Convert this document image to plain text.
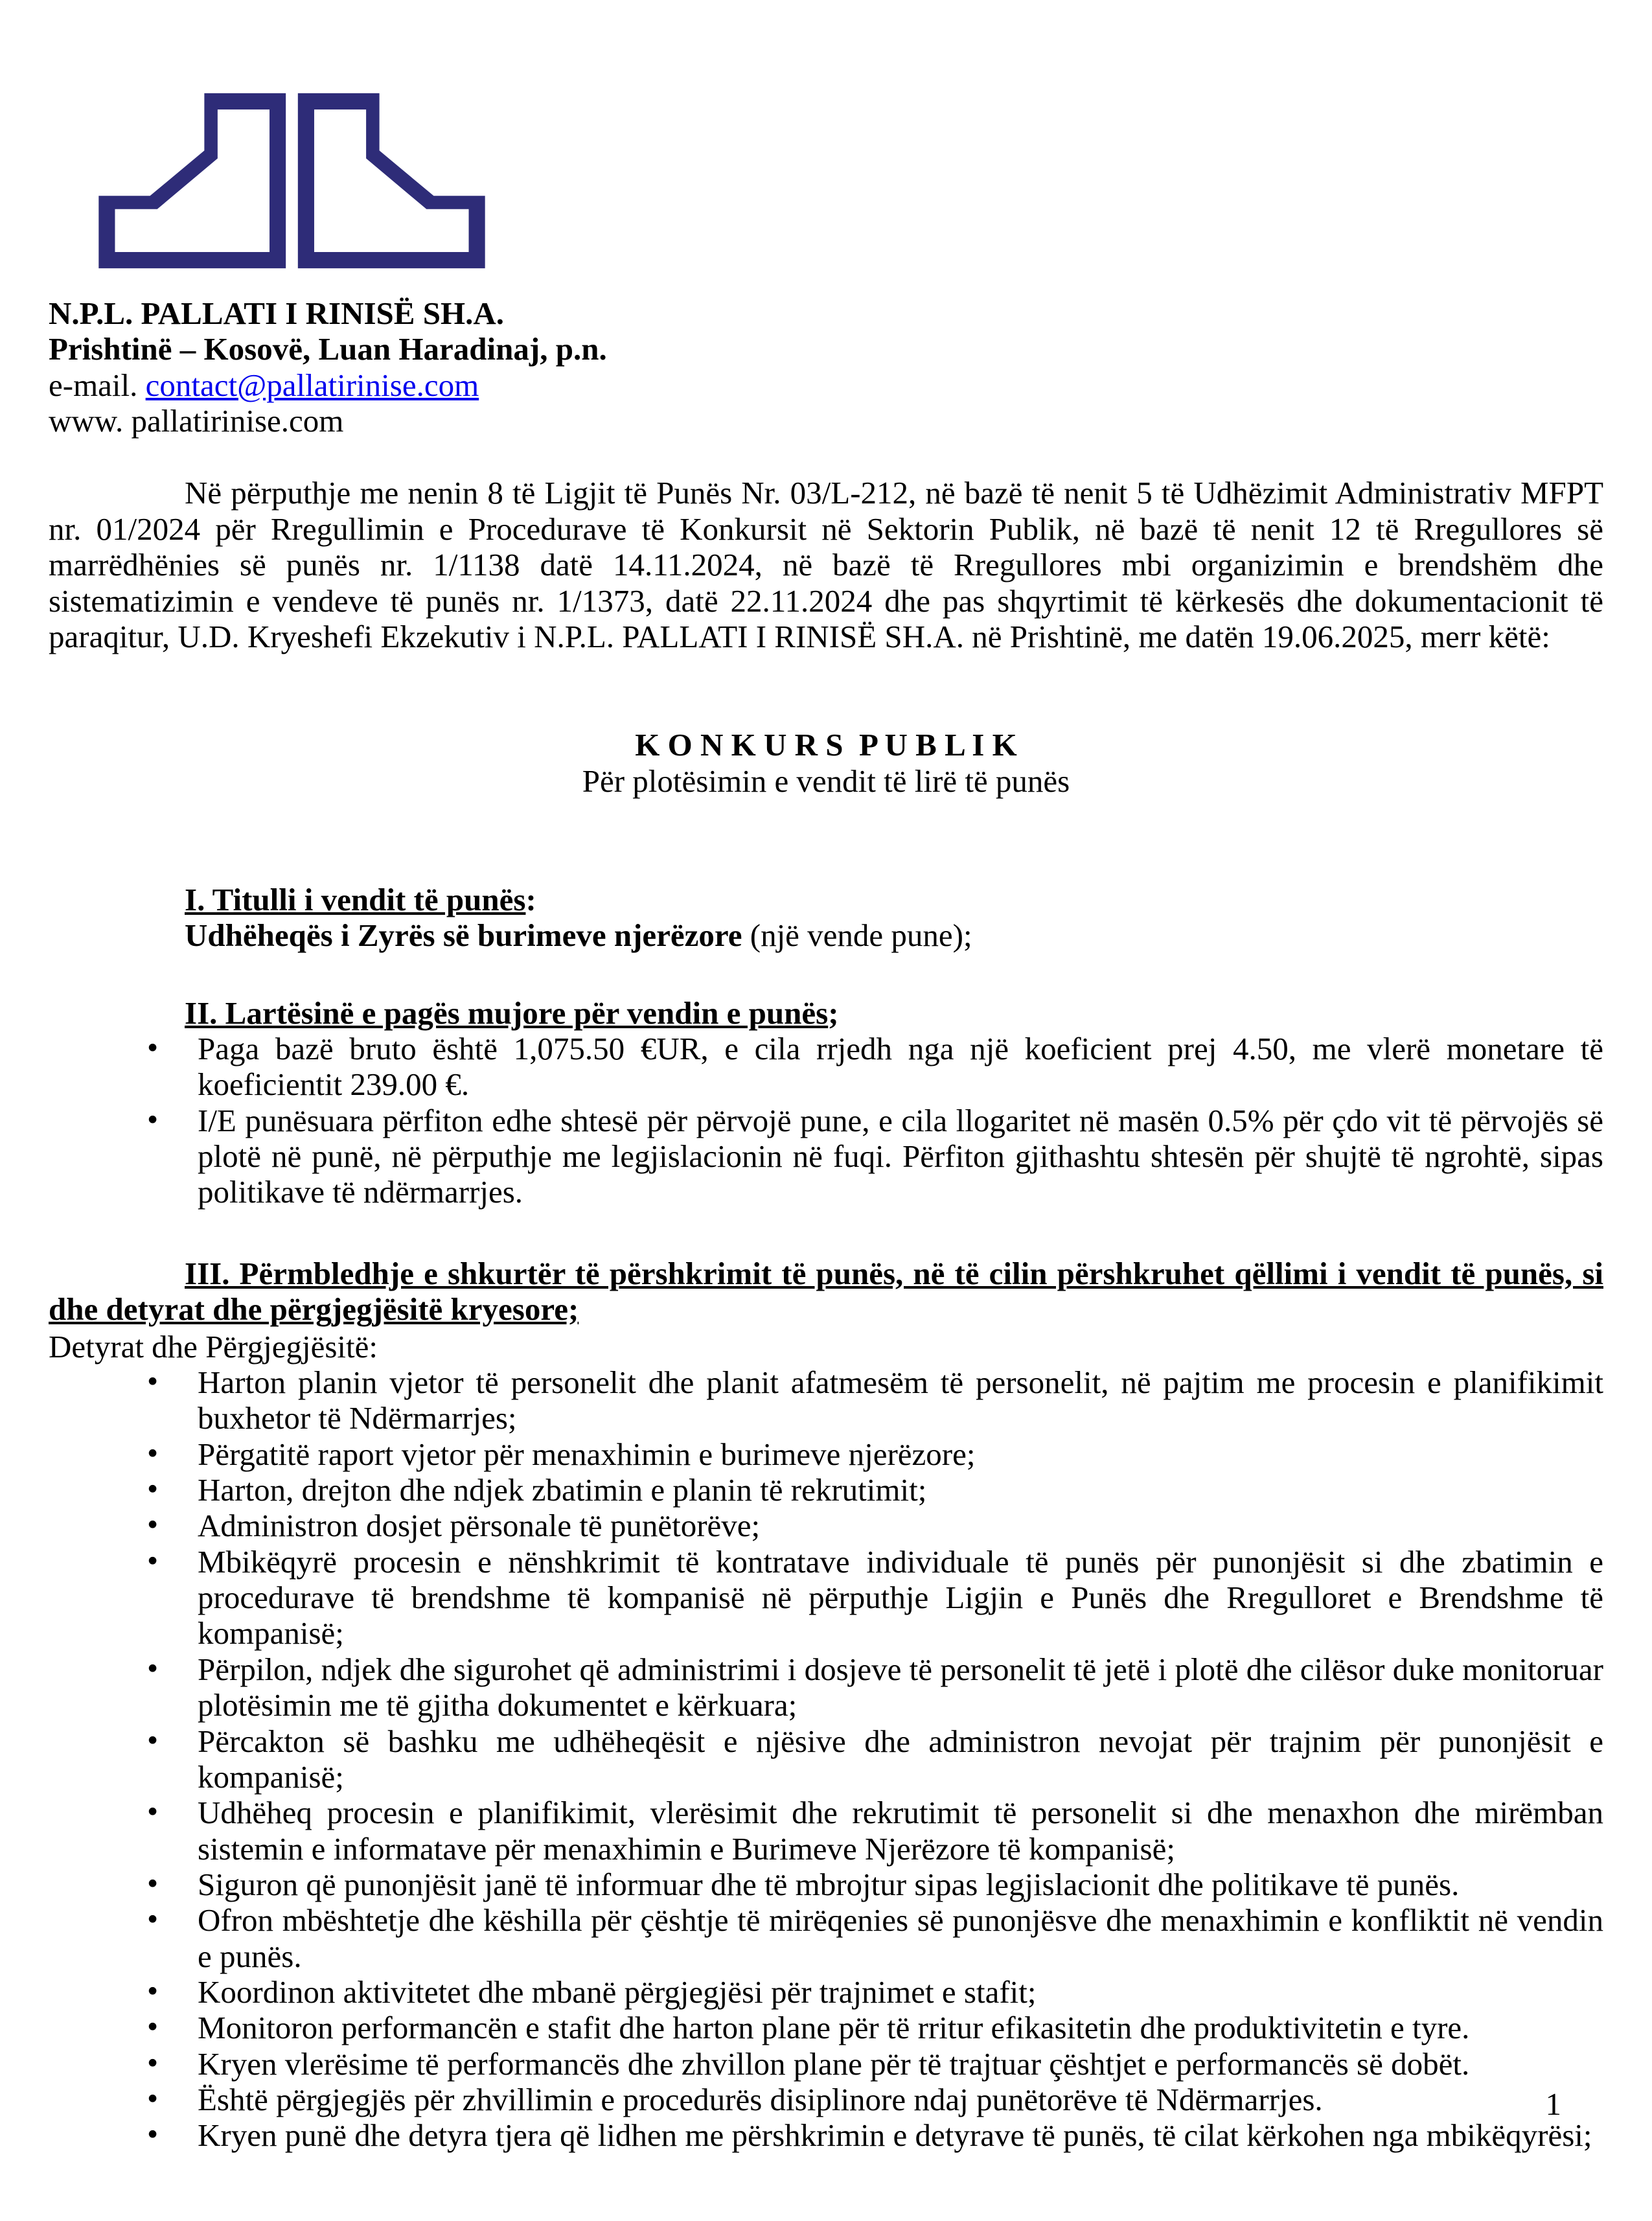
N.P.L. PALLATI I RINISË SH.A.
Prishtinë – Kosovë, Luan Haradinaj, p.n.
e-mail. contact@pallatirinise.com
www. pallatirinise.com

Në përputhje me nenin 8 të Ligjit të Punës Nr. 03/L-212, në bazë të nenit 5 të Udhëzimit Administrativ MFPT nr. 01/2024 për Rregullimin e Procedurave të Konkursit në Sektorin Publik, në bazë të nenit 12 të Rregullores së marrëdhënies së punës nr. 1/1138 datë 14.11.2024, në bazë të Rregullores mbi organizimin e brendshëm dhe sistematizimin e vendeve të punës nr. 1/1373, datë 22.11.2024 dhe pas shqyrtimit të kërkesës dhe dokumentacionit të paraqitur, U.D. Kryeshefi Ekzekutiv i N.P.L. PALLATI I RINISË SH.A. në Prishtinë, me datën 19.06.2025, merr këtë:

K O N K U R S  P U B L I K
Për plotësimin e vendit të lirë të punës
I. Titulli i vendit të punës:
Udhëheqës i Zyrës së burimeve njerëzore (një vende pune);
II. Lartësinë e pagës mujore për vendin e punës;
• Paga bazë bruto është 1,075.50 €UR, e cila rrjedh nga një koeficient prej 4.50, me vlerë monetare të koeficientit 239.00 €.
• I/E punësuara përfiton edhe shtesë për përvojë pune, e cila llogaritet në masën 0.5% për çdo vit të përvojës së plotë në punë, në përputhje me legjislacionin në fuqi. Përfiton gjithashtu shtesën për shujtë të ngrohtë, sipas politikave të ndërmarrjes.

III. Përmbledhje e shkurtër të përshkrimit të punës, në të cilin përshkruhet qëllimi i vendit të punës, si dhe detyrat dhe përgjegjësitë kryesore;

Detyrat dhe Përgjegjësitë:
• Harton planin vjetor të personelit dhe planit afatmesëm të personelit, në pajtim me procesin e planifikimit buxhetor të Ndërmarrjes;
• Përgatitë raport vjetor për menaxhimin e burimeve njerëzore;
• Harton, drejton dhe ndjek zbatimin e planin të rekrutimit;
• Administron dosjet përsonale të punëtorëve;
• Mbikëqyrë procesin e nënshkrimit të kontratave individuale të punës për punonjësit si dhe zbatimin e procedurave të brendshme të kompanisë në përputhje Ligjin e Punës dhe Rregulloret e Brendshme të kompanisë;
• Përpilon, ndjek dhe sigurohet që administrimi i dosjeve të personelit të jetë i plotë dhe cilësor duke monitoruar plotësimin me të gjitha dokumentet e kërkuara;
• Përcakton së bashku me udhëheqësit e njësive dhe administron nevojat për trajnim për punonjësit e kompanisë;
• Udhëheq procesin e planifikimit, vlerësimit dhe rekrutimit të personelit si dhe menaxhon dhe mirëmban sistemin e informatave për menaxhimin e Burimeve Njerëzore të kompanisë;
• Siguron që punonjësit janë të informuar dhe të mbrojtur sipas legjislacionit dhe politikave të punës.
• Ofron mbështetje dhe këshilla për çështje të mirëqenies së punonjësve dhe menaxhimin e konfliktit në vendin e punës.
• Koordinon aktivitetet dhe mbanë përgjegjësi për trajnimet e stafit;
• Monitoron performancën e stafit dhe harton plane për të rritur efikasitetin dhe produktivitetin e tyre.
• Kryen vlerësime të performancës dhe zhvillon plane për të trajtuar çështjet e performancës së dobët.
• Është përgjegjës për zhvillimin e procedurës disiplinore ndaj punëtorëve të Ndërmarrjes.
• Kryen punë dhe detyra tjera që lidhen me përshkrimin e detyrave të punës, të cilat kërkohen nga mbikëqyrësi;
1
